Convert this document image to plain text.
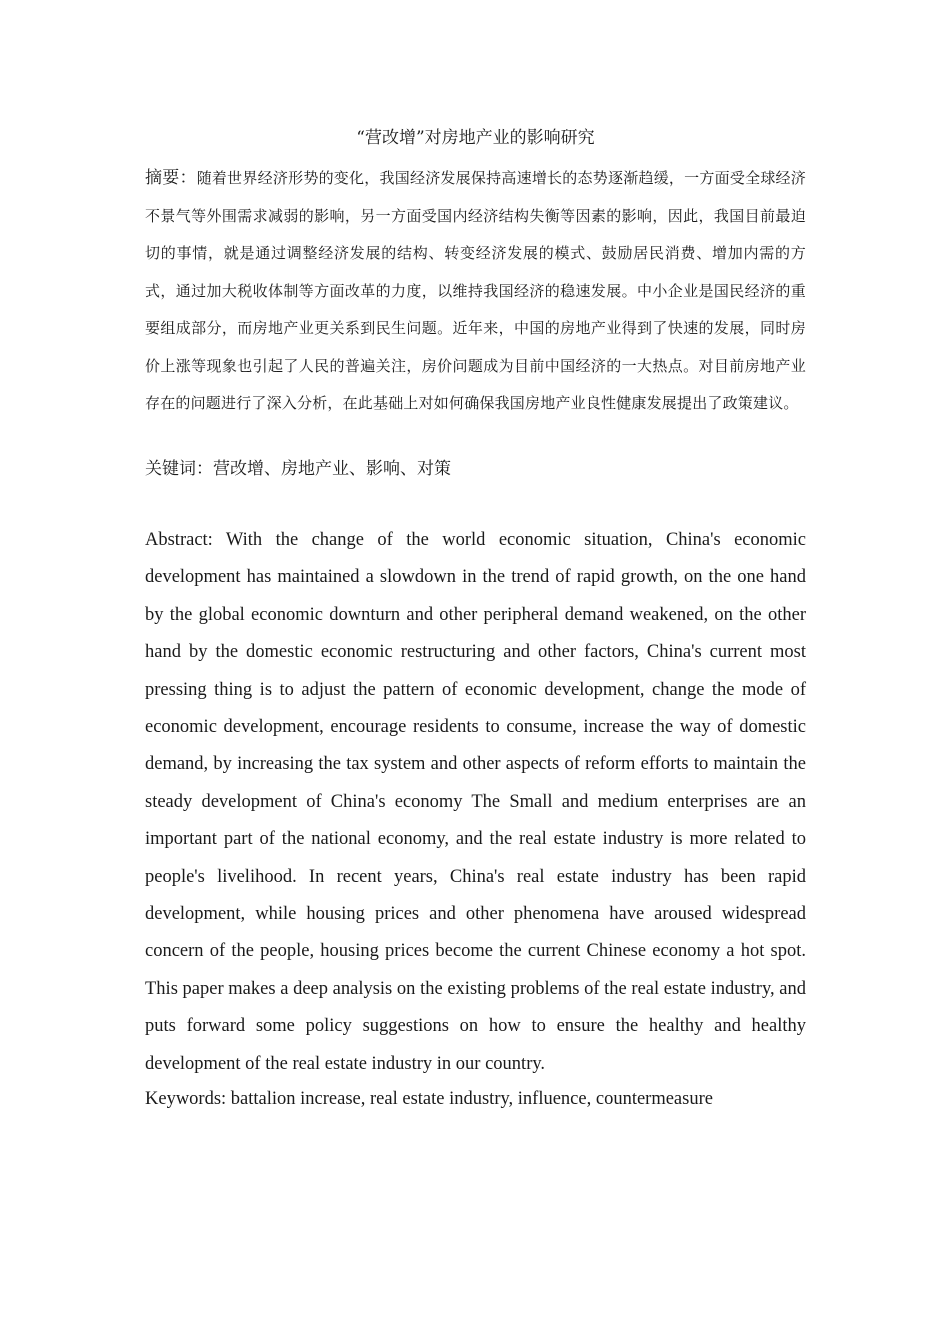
“营改增”对房地产业的影响研究
摘要：随着世界经济形势的变化，我国经济发展保持高速增长的态势逐渐趋缓，一方面受全球经济不景气等外围需求减弱的影响，另一方面受国内经济结构失衡等因素的影响，因此，我国目前最迫切的事情，就是通过调整经济发展的结构、转变经济发展的模式、鼓励居民消费、增加内需的方式，通过加大税收体制等方面改革的力度，以维持我国经济的稳速发展。中小企业是国民经济的重要组成部分，而房地产业更关系到民生问题。近年来，中国的房地产业得到了快速的发展，同时房价上涨等现象也引起了人民的普遍关注，房价问题成为目前中国经济的一大热点。对目前房地产业存在的问题进行了深入分析，在此基础上对如何确保我国房地产业良性健康发展提出了政策建议。
关键词：营改增、房地产业、影响、对策
Abstract: With the change of the world economic situation, China's economic development has maintained a slowdown in the trend of rapid growth, on the one hand by the global economic downturn and other peripheral demand weakened, on the other hand by the domestic economic restructuring and other factors, China's current most pressing thing is to adjust the pattern of economic development, change the mode of economic development, encourage residents to consume, increase the way of domestic demand, by increasing the tax system and other aspects of reform efforts to maintain the steady development of China's economy The Small and medium enterprises are an important part of the national economy, and the real estate industry is more related to people's livelihood. In recent years, China's real estate industry has been rapid development, while housing prices and other phenomena have aroused widespread concern of the people, housing prices become the current Chinese economy a hot spot. This paper makes a deep analysis on the existing problems of the real estate industry, and puts forward some policy suggestions on how to ensure the healthy and healthy development of the real estate industry in our country.
Keywords: battalion increase, real estate industry, influence, countermeasure
